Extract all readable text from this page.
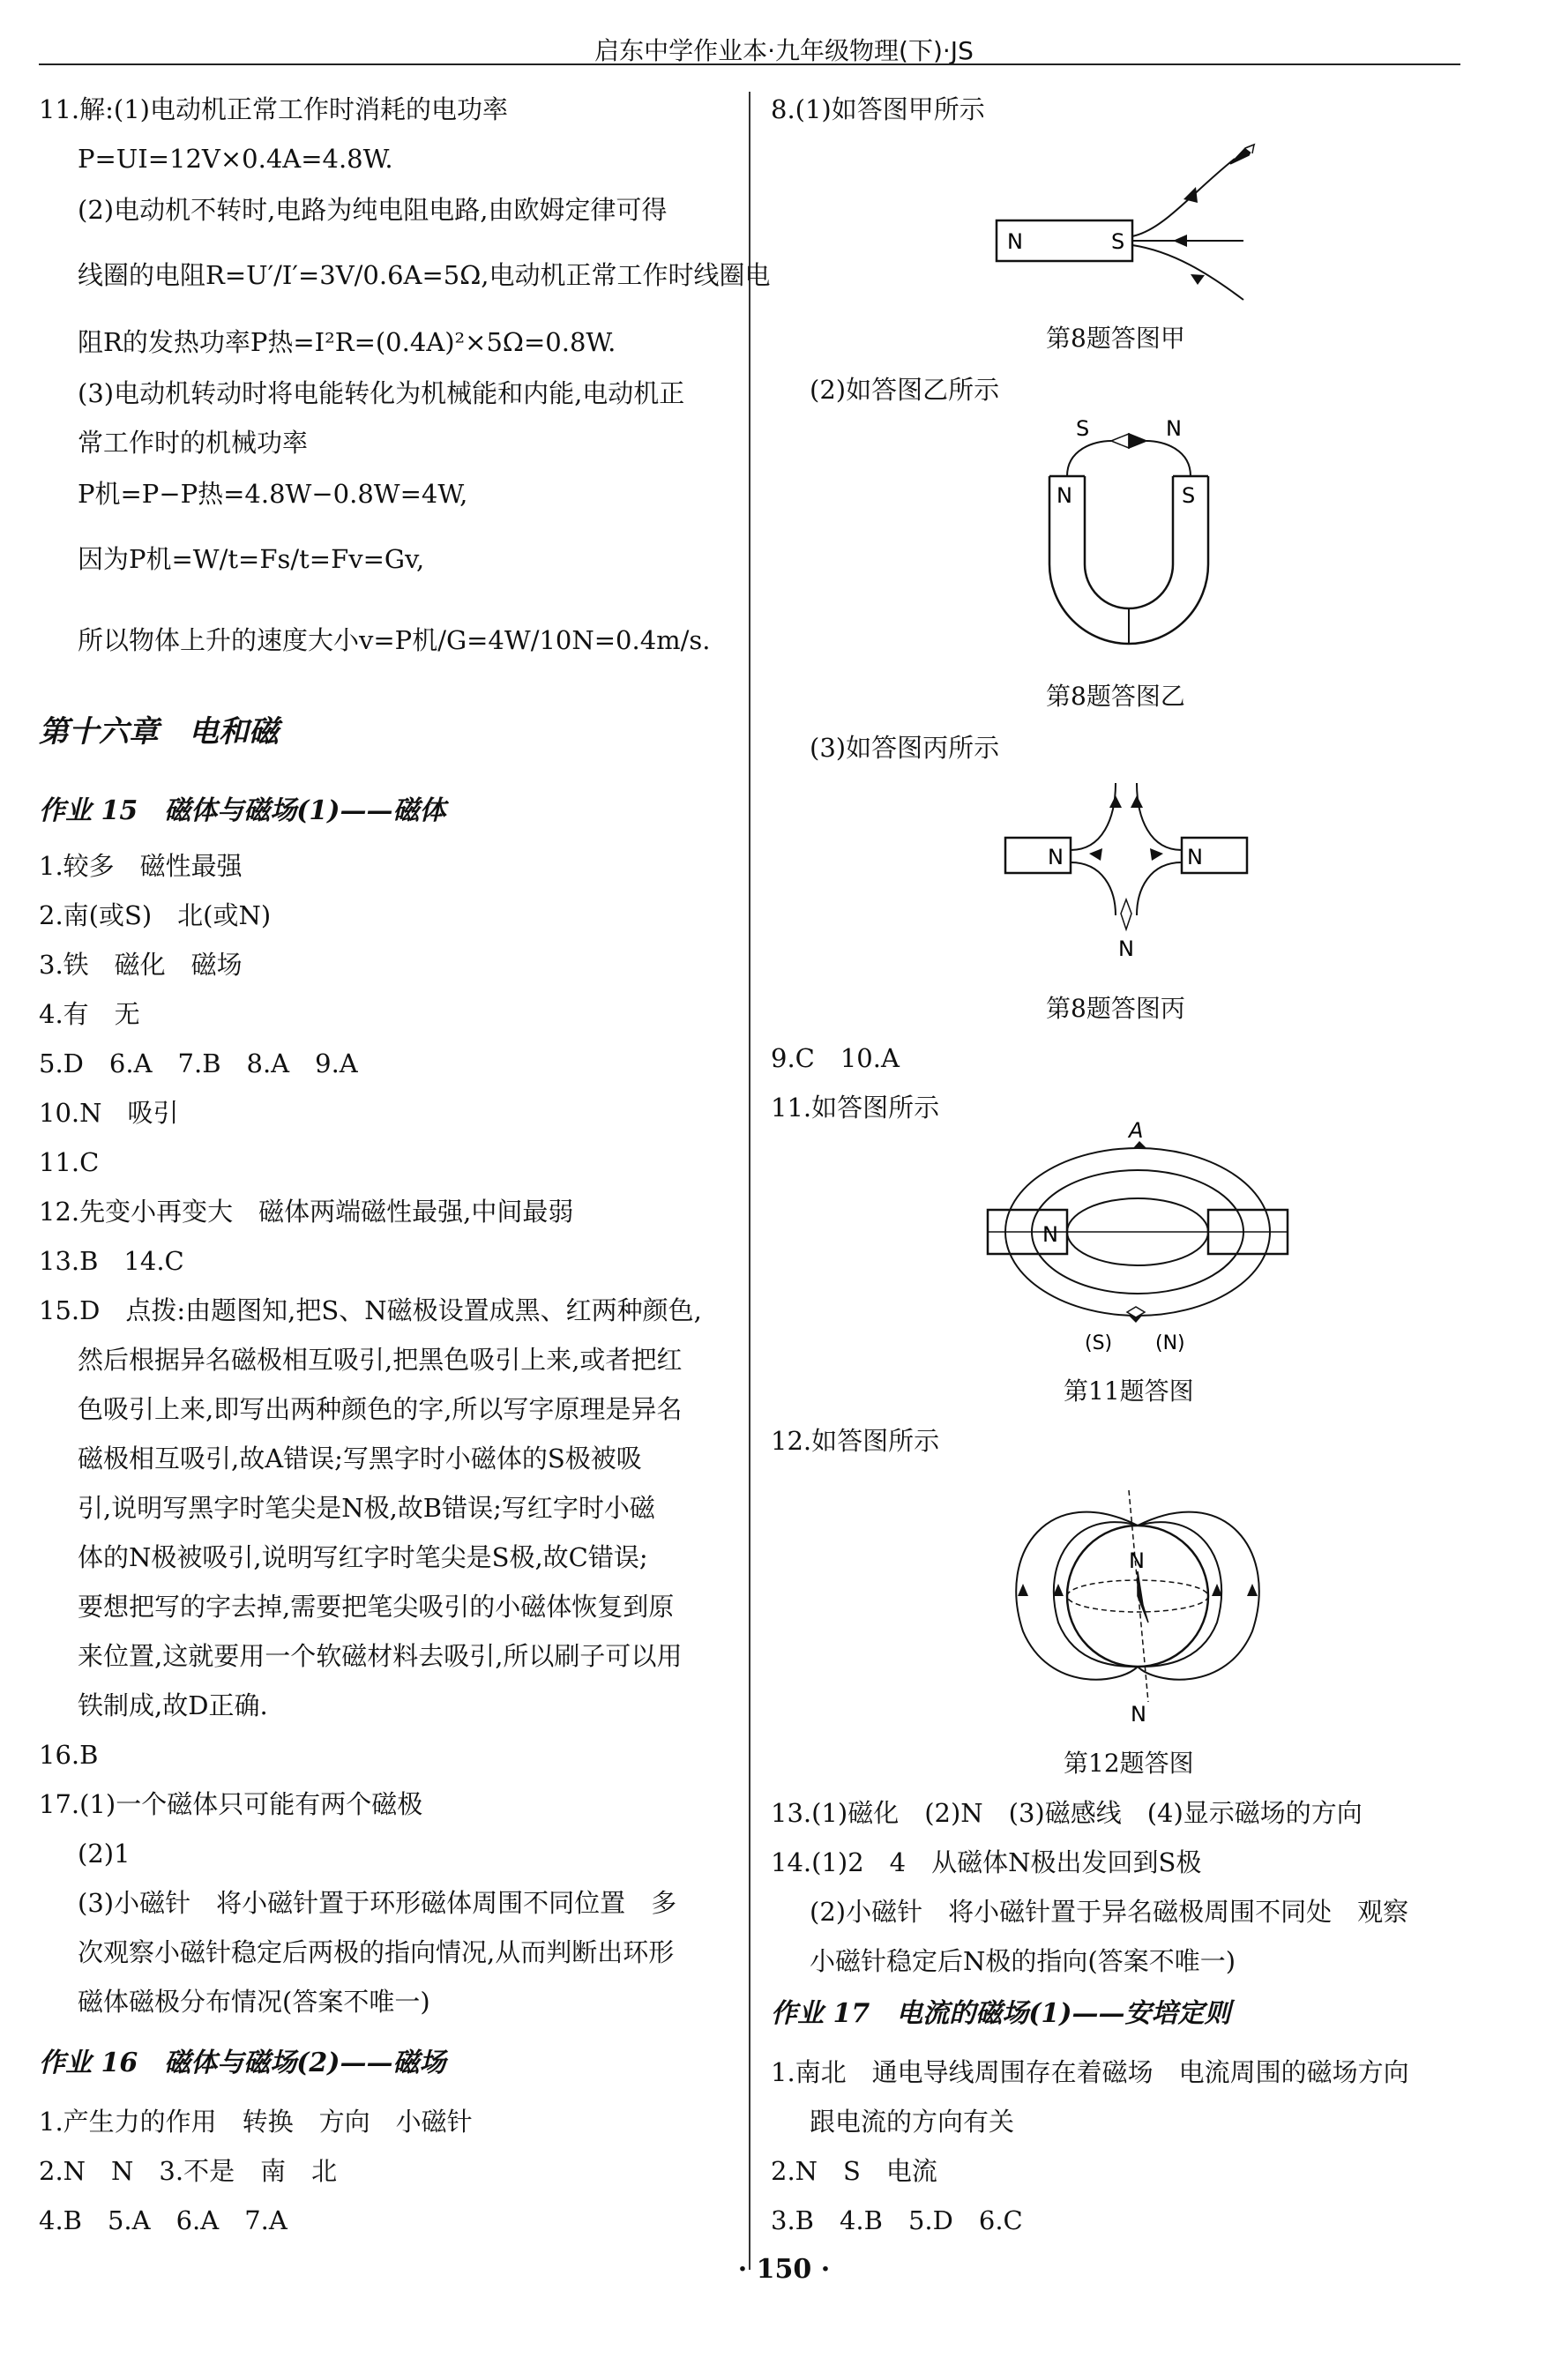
启东中学作业本·九年级物理(下)·JS
11.解:(1)电动机正常工作时消耗的电功率
P=UI=12V×0.4A=4.8W.
(2)电动机不转时,电路为纯电阻电路,由欧姆定律可得
线圈的电阻R=U′/I′=3V/0.6A=5Ω,电动机正常工作时线圈电
阻R的发热功率P热=I²R=(0.4A)²×5Ω=0.8W.
(3)电动机转动时将电能转化为机械能和内能,电动机正
常工作时的机械功率
P机=P−P热=4.8W−0.8W=4W,
因为P机=W/t=Fs/t=Fv=Gv,
所以物体上升的速度大小v=P机/G=4W/10N=0.4m/s.
第十六章　电和磁
作业 15　磁体与磁场(1)——磁体
1.较多　磁性最强
2.南(或S)　北(或N)
3.铁　磁化　磁场
4.有　无
5.D　6.A　7.B　8.A　9.A
10.N　吸引
11.C
12.先变小再变大　磁体两端磁性最强,中间最弱
13.B　14.C
15.D　点拨:由题图知,把S、N磁极设置成黑、红两种颜色,
然后根据异名磁极相互吸引,把黑色吸引上来,或者把红
色吸引上来,即写出两种颜色的字,所以写字原理是异名
磁极相互吸引,故A错误;写黑字时小磁体的S极被吸
引,说明写黑字时笔尖是N极,故B错误;写红字时小磁
体的N极被吸引,说明写红字时笔尖是S极,故C错误;
要想把写的字去掉,需要把笔尖吸引的小磁体恢复到原
来位置,这就要用一个软磁材料去吸引,所以刷子可以用
铁制成,故D正确.
16.B
17.(1)一个磁体只可能有两个磁极
(2)1
(3)小磁针　将小磁针置于环形磁体周围不同位置　多
次观察小磁针稳定后两极的指向情况,从而判断出环形
磁体磁极分布情况(答案不唯一)
作业 16　磁体与磁场(2)——磁场
1.产生力的作用　转换　方向　小磁针
2.N　N　3.不是　南　北
4.B　5.A　6.A　7.A
8.(1)如答图甲所示
N	S
第8题答图甲
(2)如答图乙所示
N	S
S	N
第8题答图乙
(3)如答图丙所示
N	N
N
第8题答图丙
9.C　10.A
11.如答图所示
N
A
(S) (N)
第11题答图
12.如答图所示
N
N
第12题答图
13.(1)磁化　(2)N　(3)磁感线　(4)显示磁场的方向
14.(1)2　4　从磁体N极出发回到S极
(2)小磁针　将小磁针置于异名磁极周围不同处　观察
小磁针稳定后N极的指向(答案不唯一)
作业 17　电流的磁场(1)——安培定则
1.南北　通电导线周围存在着磁场　电流周围的磁场方向
跟电流的方向有关
2.N　S　电流
3.B　4.B　5.D　6.C
· 150 ·
